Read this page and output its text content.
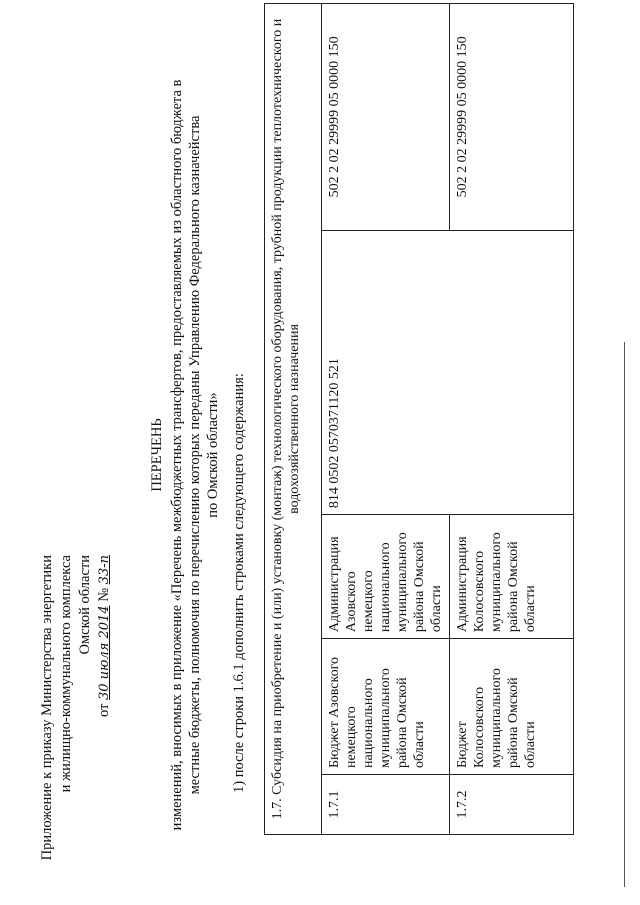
Приложение к приказу Министерства энергетики и жилищно-коммунального комплекса Омской области
от 30 июля 2014 № 33-п
ПЕРЕЧЕНЬ изменений, вносимых в приложение «Перечень межбюджетных трансфертов, предоставляемых из областного бюджета в местные бюджеты, полномочия по перечислению которых переданы Управлению Федерального казначейства по Омской области» 1) после строки 1.6.1 дополнить строками следующего содержания: 1.7. Субсидия на приобретение и (или) установку (монтаж) технологического оборудования, трубной продукции теплотехнического и водохозяйственного назначения				
1.7.1	Бюджет Азовского немецкого национального муниципального района Омской области	Администрация Азовского немецкого национального муниципального района Омской области	814 0502 0570371120 521	502 2 02 29999 05 0000 150
1.7.2	Бюджет Колосовского муниципального района Омской области	Администрация Колосовского муниципального района Омской области		502 2 02 29999 05 0000 150
